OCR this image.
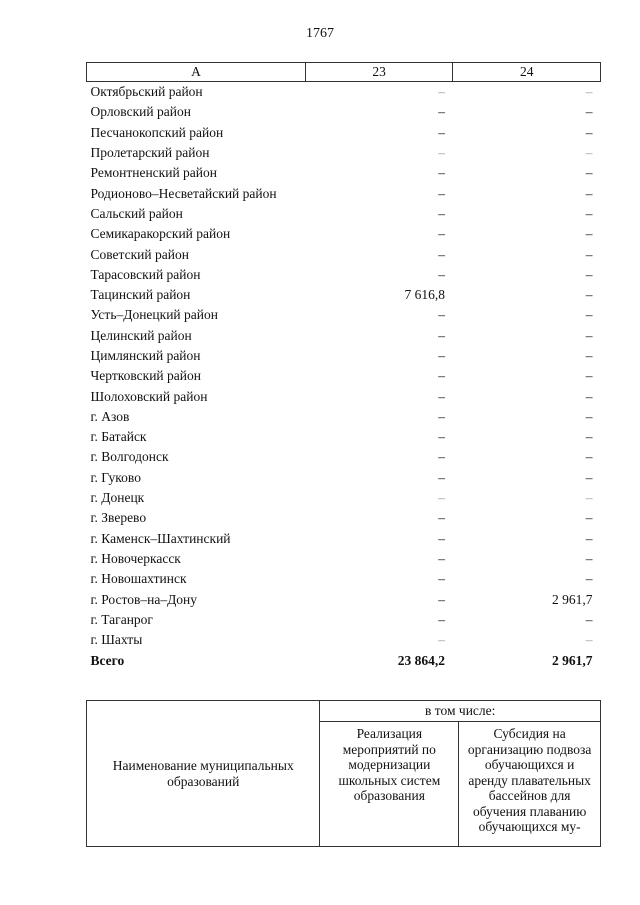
1767
А	23	24
Октябрьский район	–	–
Орловский район	–	–
Песчанокопский район	–	–
Пролетарский район	–	–
Ремонтненский район	–	–
Родионово–Несветайский район	–	–
Сальский район	–	–
Семикаракорский район	–	–
Советский район	–	–
Тарасовский район	–	–
Тацинский район	7 616,8	–
Усть–Донецкий район	–	–
Целинский район	–	–
Цимлянский район	–	–
Чертковский район	–	–
Шолоховский район	–	–
г. Азов	–	–
г. Батайск	–	–
г. Волгодонск	–	–
г. Гуково	–	–
г. Донецк	–	–
г. Зверево	–	–
г. Каменск–Шахтинский	–	–
г. Новочеркасск	–	–
г. Новошахтинск	–	–
г. Ростов–на–Дону	–	2 961,7
г. Таганрог	–	–
г. Шахты	–	–
Всего	23 864,2	2 961,7
Наименование муниципальных образований	в том числе:	
	Реализация мероприятий по модернизации школьных систем образования	Субсидия на организацию подвоза обучающихся и аренду плавательных бассейнов для обучения плаванию обучающихся му-
